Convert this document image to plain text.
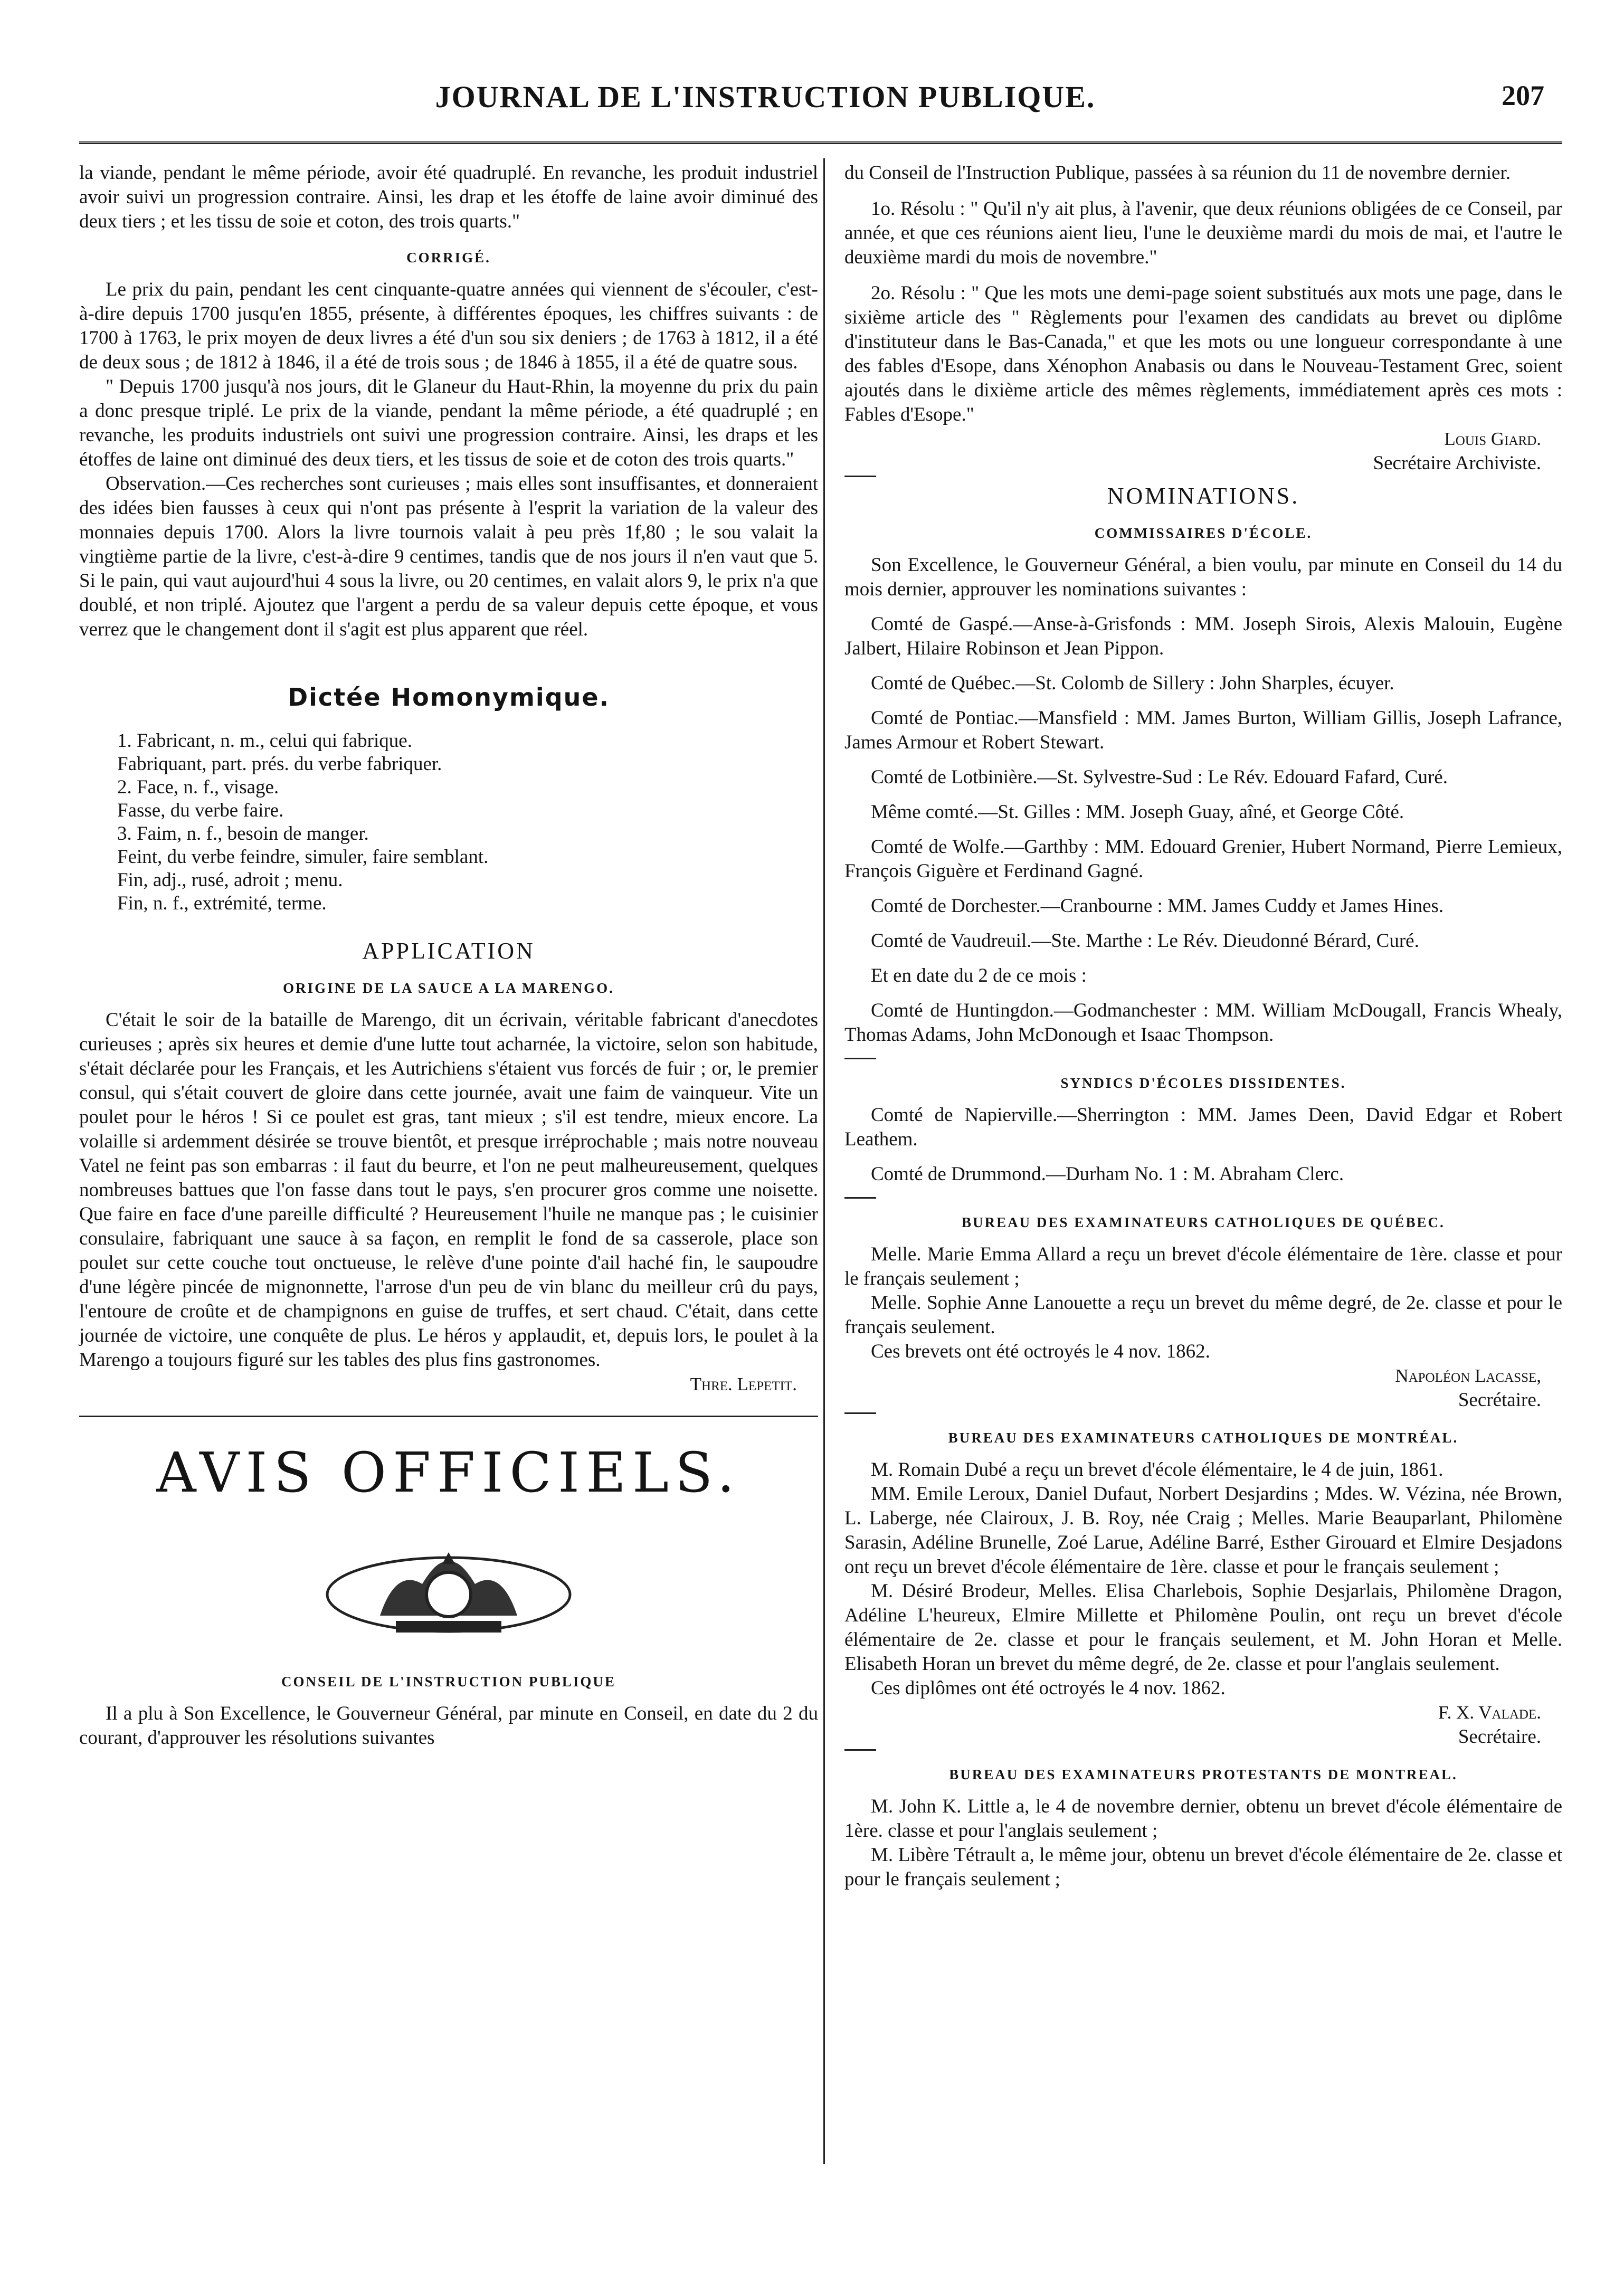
JOURNAL DE L'INSTRUCTION PUBLIQUE.	207

la viande, pendant le même période, avoir été quadruplé. En revanche, les produit industriel avoir suivi un progression contraire. Ainsi, les drap et les étoffe de laine avoir diminué des deux tiers ; et les tissu de soie et coton, des trois quarts."

CORRIGÉ.

Le prix du pain, pendant les cent cinquante-quatre années qui viennent de s'écouler, c'est-à-dire depuis 1700 jusqu'en 1855, présente, à différentes époques, les chiffres suivants : de 1700 à 1763, le prix moyen de deux livres a été d'un sou six deniers ; de 1763 à 1812, il a été de deux sous ; de 1812 à 1846, il a été de trois sous ; de 1846 à 1855, il a été de quatre sous.

" Depuis 1700 jusqu'à nos jours, dit le Glaneur du Haut-Rhin, la moyenne du prix du pain a donc presque triplé. Le prix de la viande, pendant la même période, a été quadruplé ; en revanche, les produits industriels ont suivi une progression contraire. Ainsi, les draps et les étoffes de laine ont diminué des deux tiers, et les tissus de soie et de coton des trois quarts."

Observation.—Ces recherches sont curieuses ; mais elles sont insuffisantes, et donneraient des idées bien fausses à ceux qui n'ont pas présente à l'esprit la variation de la valeur des monnaies depuis 1700. Alors la livre tournois valait à peu près 1f,80 ; le sou valait la vingtième partie de la livre, c'est-à-dire 9 centimes, tandis que de nos jours il n'en vaut que 5. Si le pain, qui vaut aujourd'hui 4 sous la livre, ou 20 centimes, en valait alors 9, le prix n'a que doublé, et non triplé. Ajoutez que l'argent a perdu de sa valeur depuis cette époque, et vous verrez que le changement dont il s'agit est plus apparent que réel.

Dictée Homonymique.

1. Fabricant, n. m., celui qui fabrique.
Fabriquant, part. prés. du verbe fabriquer.
2. Face, n. f., visage.
Fasse, du verbe faire.
3. Faim, n. f., besoin de manger.
Feint, du verbe feindre, simuler, faire semblant.
Fin, adj., rusé, adroit ; menu.
Fin, n. f., extrémité, terme.

APPLICATION

ORIGINE DE LA SAUCE A LA MARENGO.

C'était le soir de la bataille de Marengo, dit un écrivain, véritable fabricant d'anecdotes curieuses ; après six heures et demie d'une lutte tout acharnée, la victoire, selon son habitude, s'était déclarée pour les Français, et les Autrichiens s'étaient vus forcés de fuir ; or, le premier consul, qui s'était couvert de gloire dans cette journée, avait une faim de vainqueur. Vite un poulet pour le héros ! Si ce poulet est gras, tant mieux ; s'il est tendre, mieux encore. La volaille si ardemment désirée se trouve bientôt, et presque irréprochable ; mais notre nouveau Vatel ne feint pas son embarras : il faut du beurre, et l'on ne peut malheureusement, quelques nombreuses battues que l'on fasse dans tout le pays, s'en procurer gros comme une noisette. Que faire en face d'une pareille difficulté ? Heureusement l'huile ne manque pas ; le cuisinier consulaire, fabriquant une sauce à sa façon, en remplit le fond de sa casserole, place son poulet sur cette couche tout onctueuse, le relève d'une pointe d'ail haché fin, le saupoudre d'une légère pincée de mignonnette, l'arrose d'un peu de vin blanc du meilleur crû du pays, l'entoure de croûte et de champignons en guise de truffes, et sert chaud. C'était, dans cette journée de victoire, une conquête de plus. Le héros y applaudit, et, depuis lors, le poulet à la Marengo a toujours figuré sur les tables des plus fins gastronomes.

Thre. Lepetit.

AVIS OFFICIELS.

CONSEIL DE L'INSTRUCTION PUBLIQUE

Il a plu à Son Excellence, le Gouverneur Général, par minute en Conseil, en date du 2 du courant, d'approuver les résolutions suivantes

du Conseil de l'Instruction Publique, passées à sa réunion du 11 de novembre dernier.

1o. Résolu : " Qu'il n'y ait plus, à l'avenir, que deux réunions obligées de ce Conseil, par année, et que ces réunions aient lieu, l'une le deuxième mardi du mois de mai, et l'autre le deuxième mardi du mois de novembre."

2o. Résolu : " Que les mots une demi-page soient substitués aux mots une page, dans le sixième article des " Règlements pour l'examen des candidats au brevet ou diplôme d'instituteur dans le Bas-Canada," et que les mots ou une longueur correspondante à une des fables d'Esope, dans Xénophon Anabasis ou dans le Nouveau-Testament Grec, soient ajoutés dans le dixième article des mêmes règlements, immédiatement après ces mots : Fables d'Esope."

Louis Giard.
Secrétaire Archiviste.

NOMINATIONS.

COMMISSAIRES D'ÉCOLE.

Son Excellence, le Gouverneur Général, a bien voulu, par minute en Conseil du 14 du mois dernier, approuver les nominations suivantes :

Comté de Gaspé.—Anse-à-Grisfonds : MM. Joseph Sirois, Alexis Malouin, Eugène Jalbert, Hilaire Robinson et Jean Pippon.

Comté de Québec.—St. Colomb de Sillery : John Sharples, écuyer.

Comté de Pontiac.—Mansfield : MM. James Burton, William Gillis, Joseph Lafrance, James Armour et Robert Stewart.

Comté de Lotbinière.—St. Sylvestre-Sud : Le Rév. Edouard Fafard, Curé.

Même comté.—St. Gilles : MM. Joseph Guay, aîné, et George Côté.

Comté de Wolfe.—Garthby : MM. Edouard Grenier, Hubert Normand, Pierre Lemieux, François Giguère et Ferdinand Gagné.

Comté de Dorchester.—Cranbourne : MM. James Cuddy et James Hines.

Comté de Vaudreuil.—Ste. Marthe : Le Rév. Dieudonné Bérard, Curé.

Et en date du 2 de ce mois :

Comté de Huntingdon.—Godmanchester : MM. William McDougall, Francis Whealy, Thomas Adams, John McDonough et Isaac Thompson.

SYNDICS D'ÉCOLES DISSIDENTES.

Comté de Napierville.—Sherrington : MM. James Deen, David Edgar et Robert Leathem.

Comté de Drummond.—Durham No. 1 : M. Abraham Clerc.

BUREAU DES EXAMINATEURS CATHOLIQUES DE QUÉBEC.

Melle. Marie Emma Allard a reçu un brevet d'école élémentaire de 1ère. classe et pour le français seulement ;

Melle. Sophie Anne Lanouette a reçu un brevet du même degré, de 2e. classe et pour le français seulement.

Ces brevets ont été octroyés le 4 nov. 1862.

Napoléon Lacasse,
Secrétaire.

BUREAU DES EXAMINATEURS CATHOLIQUES DE MONTRÉAL.

M. Romain Dubé a reçu un brevet d'école élémentaire, le 4 de juin, 1861.

MM. Emile Leroux, Daniel Dufaut, Norbert Desjardins ; Mdes. W. Vézina, née Brown, L. Laberge, née Clairoux, J. B. Roy, née Craig ; Melles. Marie Beauparlant, Philomène Sarasin, Adéline Brunelle, Zoé Larue, Adéline Barré, Esther Girouard et Elmire Desjadons ont reçu un brevet d'école élémentaire de 1ère. classe et pour le français seulement ;

M. Désiré Brodeur, Melles. Elisa Charlebois, Sophie Desjarlais, Philomène Dragon, Adéline L'heureux, Elmire Millette et Philomène Poulin, ont reçu un brevet d'école élémentaire de 2e. classe et pour le français seulement, et M. John Horan et Melle. Elisabeth Horan un brevet du même degré, de 2e. classe et pour l'anglais seulement.

Ces diplômes ont été octroyés le 4 nov. 1862.

F. X. Valade.
Secrétaire.

BUREAU DES EXAMINATEURS PROTESTANTS DE MONTREAL.

M. John K. Little a, le 4 de novembre dernier, obtenu un brevet d'école élémentaire de 1ère. classe et pour l'anglais seulement ;

M. Libère Tétrault a, le même jour, obtenu un brevet d'école élémentaire de 2e. classe et pour le français seulement ;
